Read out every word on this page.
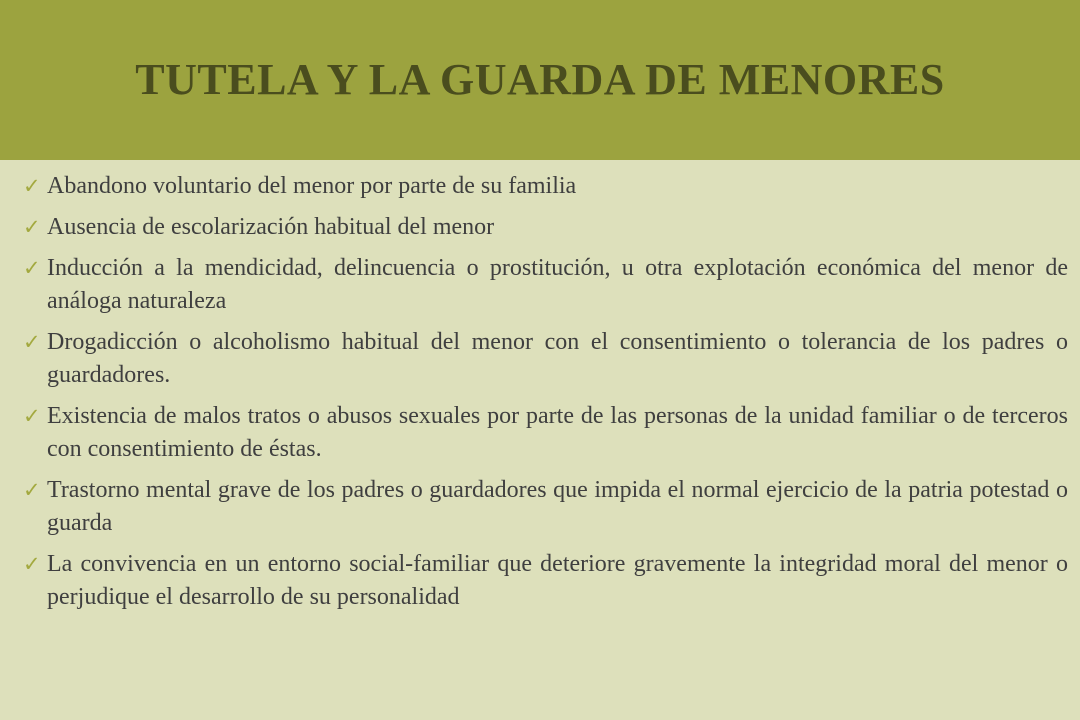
TUTELA Y LA GUARDA DE MENORES
✓ Abandono voluntario del menor por parte de su familia
✓ Ausencia de escolarización habitual del menor
✓ Inducción a la mendicidad, delincuencia o prostitución, u otra explotación económica del menor de análoga naturaleza
✓ Drogadicción o alcoholismo habitual del menor con el consentimiento o tolerancia de los padres o guardadores.
✓ Existencia de malos tratos o abusos sexuales por parte de las personas de la unidad familiar o de terceros con consentimiento de éstas.
✓ Trastorno mental grave de los padres o guardadores que impida el normal ejercicio de la patria potestad o guarda
✓ La convivencia en un entorno social-familiar que deteriore gravemente la integridad moral del menor o perjudique el desarrollo de su personalidad
